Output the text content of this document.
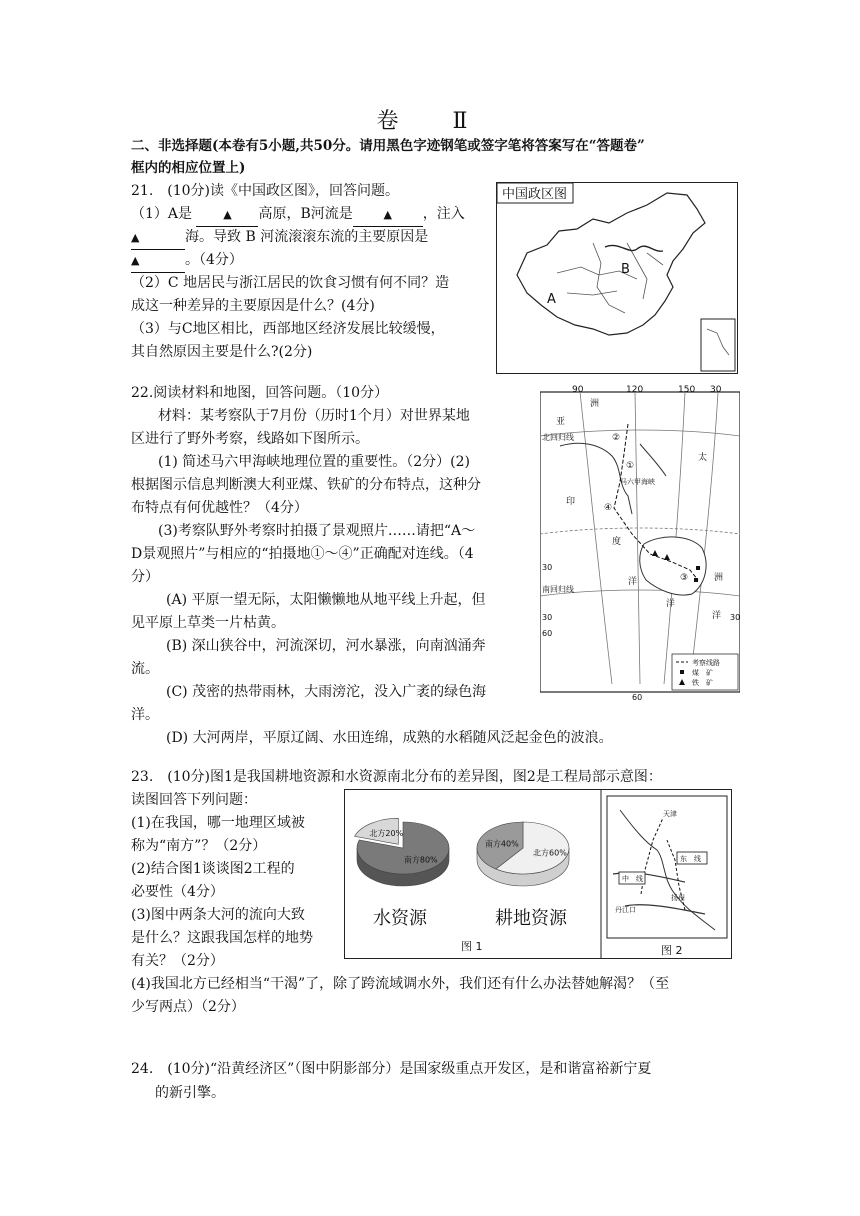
卷　Ⅱ
二、非选择题(本卷有5小题,共50分。请用黑色字迹钢笔或签字笔将答案写在“答题卷”
框内的相应位置上)
21.　(10分)读《中国政区图》，回答问题。
（1）A是	▲ 高原，B河流是	▲ ，注入
▲	海。导致 B 河流滚滚东流的主要原因是
▲	。（4分）
（2）C 地居民与浙江居民的饮食习惯有何不同？造
成这一种差异的主要原因是什么？(4分)
（3）与C地区相比，西部地区经济发展比较缓慢，
其自然原因主要是什么?(2分)
中国政区图
A
B
22.阅读材料和地图，回答问题。（10分）
材料：某考察队于7月份（历时1个月）对世界某地
区进行了野外考察，线路如下图所示。
(1) 简述马六甲海峡地理位置的重要性。（2分）(2)
根据图示信息判断澳大利亚煤、铁矿的分布特点，这种分
布特点有何优越性？（4分）
(3)考察队野外考察时拍摄了景观照片……请把“A～
D景观照片”与相应的“拍摄地①～④”正确配对连线。（4
分）
(A) 平原一望无际，太阳懒懒地从地平线上升起，但
见平原上草类一片枯黄。
(B) 深山狭谷中，河流深切，河水暴涨，向南汹涌奔
流。
(C) 茂密的热带雨林，大雨滂沱，没入广袤的绿色海
洋。
(D) 大河两岸，平原辽阔、水田连绵，成熟的水稻随风泛起金色的波浪。
90	120	150 30
亚
洲
北回归线
南回归线
太
印
度
洋
洋
洲
洋
30
30
60
30
60
马六甲海峡
①
②
④
③
考察线路
煤　矿
铁　矿
23.　(10分)图1是我国耕地资源和水资源南北分布的差异图，图2是工程局部示意图：
读图回答下列问题：
(1)在我国，哪一地理区域被
称为“南方”？（2分）
(2)结合图1谈谈图2工程的
必要性（4分）
(3)图中两条大河的流向大致
是什么？这跟我国怎样的地势
有关？（2分）
(4)我国北方已经相当“干渴”了，除了跨流域调水外，我们还有什么办法替她解渴？（至
少写两点）（2分）
南方80%
北方20%
北方60%
南方40%
水资源	耕地资源
图 1
天津
东　线
中　线
丹江口
扬州
图 2
24.　(10分)“沿黄经济区”（图中阴影部分）是国家级重点开发区，是和谐富裕新宁夏
的新引擎。
